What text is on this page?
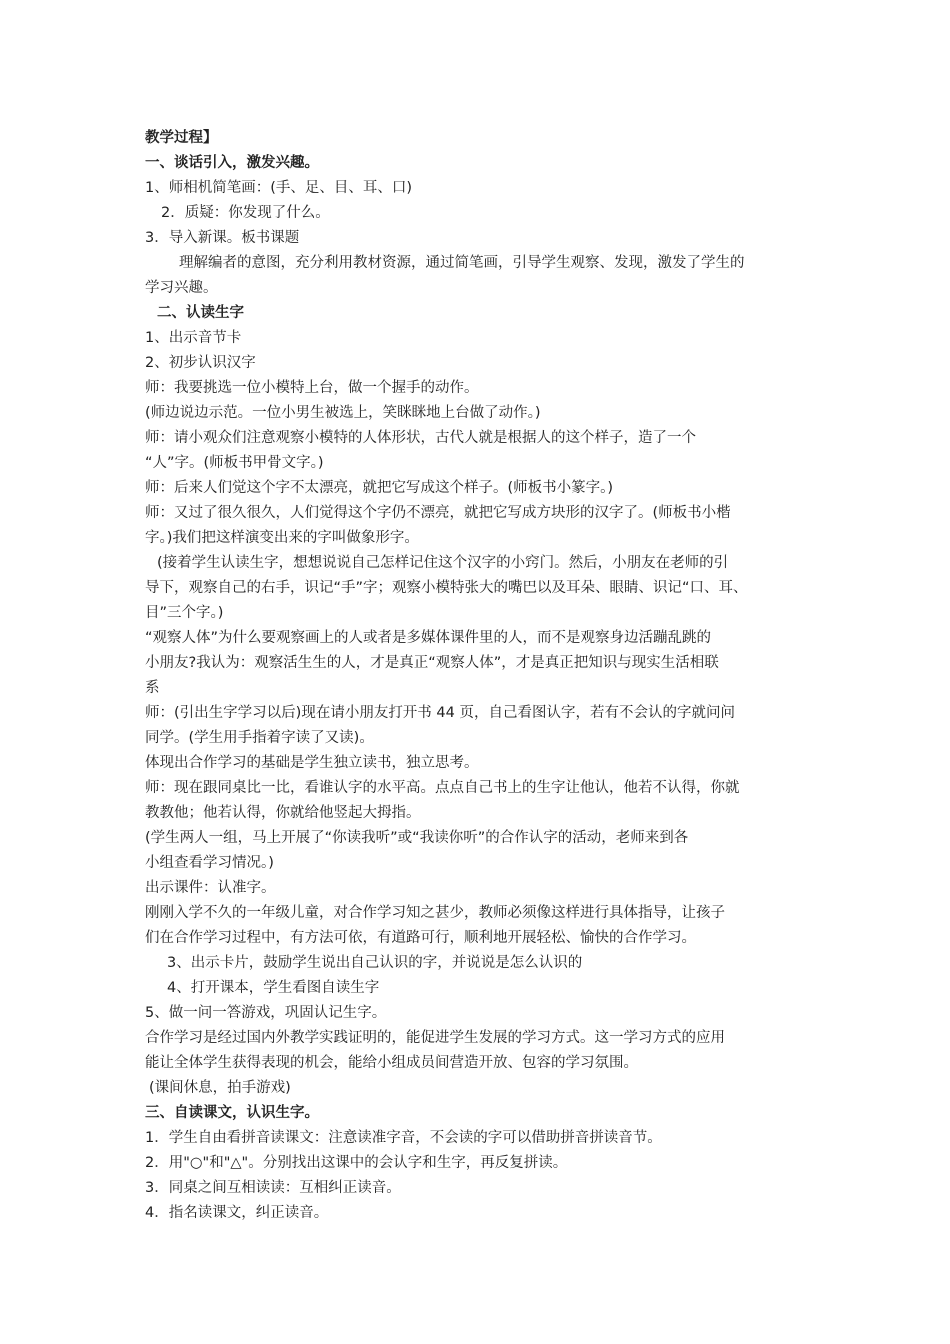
教学过程】
一、谈话引入，激发兴趣。
1、师相机简笔画：(手、足、目、耳、口)
2．质疑：你发现了什么。
3．导入新课。板书课题
理解编者的意图，充分利用教材资源，通过简笔画，引导学生观察、发现，激发了学生的
学习兴趣。
二、认读生字
1、出示音节卡
2、初步认识汉字
师：我要挑选一位小模特上台，做一个握手的动作。
(师边说边示范。一位小男生被选上，笑眯眯地上台做了动作。)
师：请小观众们注意观察小模特的人体形状，古代人就是根据人的这个样子，造了一个
“人”字。(师板书甲骨文字。)
师：后来人们觉这个字不太漂亮，就把它写成这个样子。(师板书小篆字。)
师：又过了很久很久，人们觉得这个字仍不漂亮，就把它写成方块形的汉字了。(师板书小楷
字。)我们把这样演变出来的字叫做象形字。
(接着学生认读生字，想想说说自己怎样记住这个汉字的小窍门。然后，小朋友在老师的引
导下，观察自己的右手，识记“手”字；观察小模特张大的嘴巴以及耳朵、眼睛、识记“口、耳、
目”三个字。)
“观察人体”为什么要观察画上的人或者是多媒体课件里的人，而不是观察身边活蹦乱跳的
小朋友?我认为：观察活生生的人，才是真正“观察人体”，才是真正把知识与现实生活相联
系
师：(引出生字学习以后)现在请小朋友打开书 44 页，自己看图认字，若有不会认的字就问问
同学。(学生用手指着字读了又读)。
体现出合作学习的基础是学生独立读书，独立思考。
师：现在跟同桌比一比，看谁认字的水平高。点点自己书上的生字让他认，他若不认得，你就
教教他；他若认得，你就给他竖起大拇指。
(学生两人一组，马上开展了“你读我听”或“我读你听”的合作认字的活动，老师来到各
小组查看学习情况。)
出示课件：认准字。
刚刚入学不久的一年级儿童，对合作学习知之甚少，教师必须像这样进行具体指导，让孩子
们在合作学习过程中，有方法可依，有道路可行，顺利地开展轻松、愉快的合作学习。
3、出示卡片，鼓励学生说出自己认识的字，并说说是怎么认识的
4、打开课本，学生看图自读生字
5、做一问一答游戏，巩固认记生字。
合作学习是经过国内外教学实践证明的，能促进学生发展的学习方式。这一学习方式的应用
能让全体学生获得表现的机会，能给小组成员间营造开放、包容的学习氛围。
(课间休息，拍手游戏)
三、自读课文，认识生字。
1．学生自由看拼音读课文：注意读准字音，不会读的字可以借助拼音拼读音节。
2．用"○"和"△"。分别找出这课中的会认字和生字，再反复拼读。
3．同桌之间互相读读：互相纠正读音。
4．指名读课文，纠正读音。
